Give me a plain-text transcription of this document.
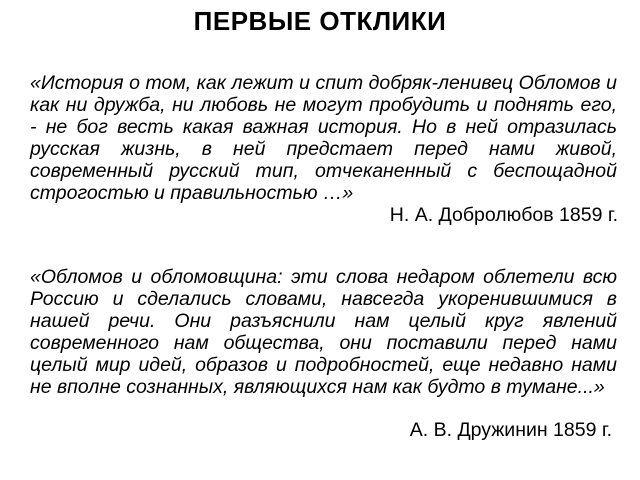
ПЕРВЫЕ ОТКЛИКИ
«История о том, как лежит и спит добряк-ленивец Обломов и как ни дружба, ни любовь не могут пробудить и поднять его, - не бог весть какая важная история. Но в ней отразилась русская жизнь, в ней предстает перед нами живой, современный русский тип, отчеканенный с беспощадной строгостью и правильностью …»
Н. А. Добролюбов 1859 г.
«Обломов и обломовщина: эти слова недаром облетели всю Россию и сделались словами, навсегда укоренившимися в нашей речи. Они разъяснили нам целый круг явлений современного нам общества, они поставили перед нами целый мир идей, образов и подробностей, еще недавно нами не вполне сознанных, являющихся нам как будто в тумане...»
А. В. Дружинин 1859 г.
